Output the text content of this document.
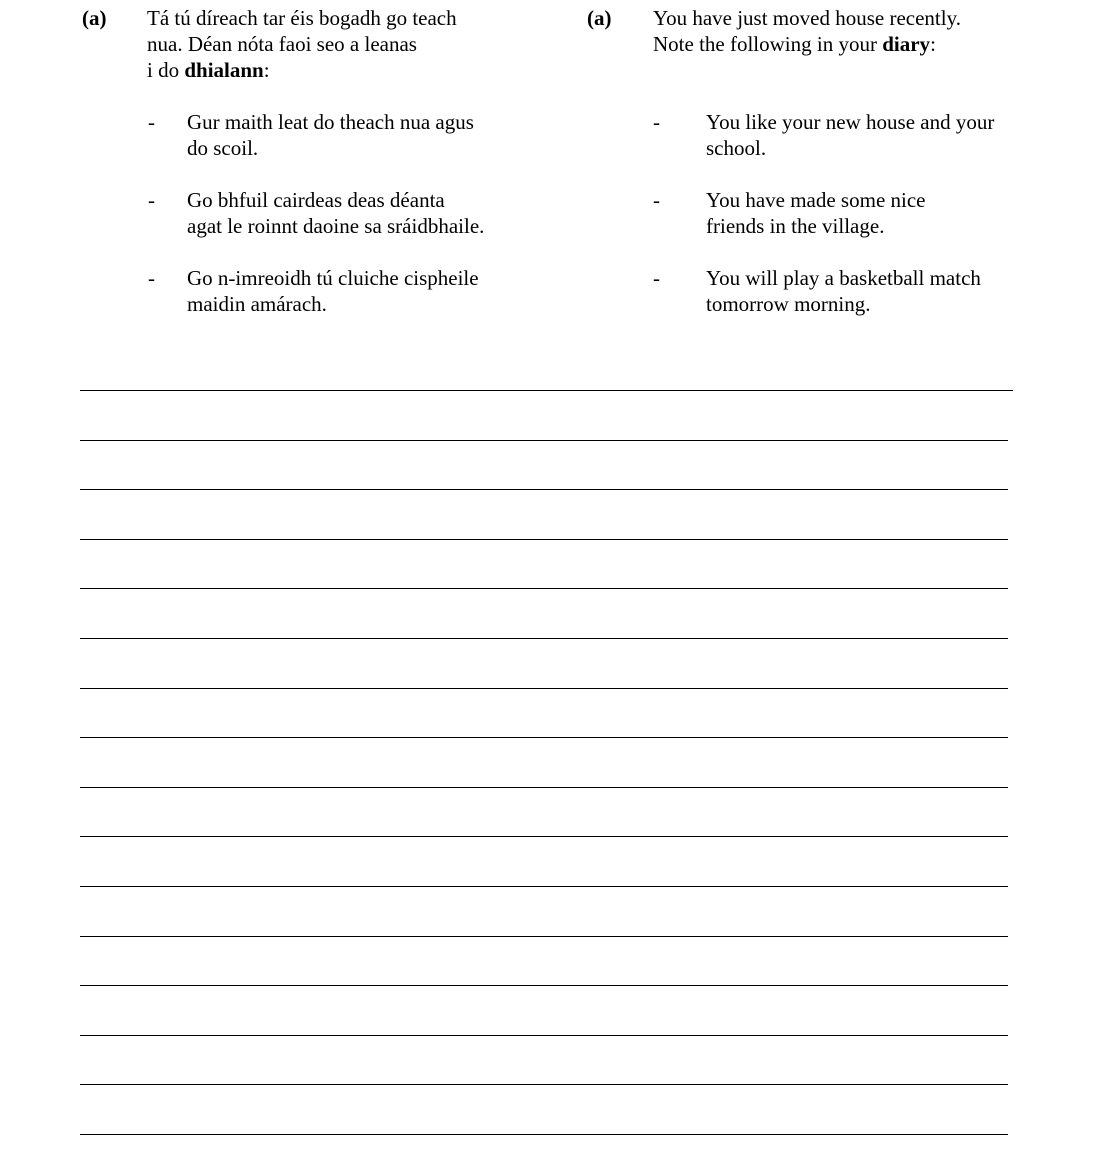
(a) Tá tú díreach tar éis bogadh go teach
nua. Déan nóta faoi seo a leanas
i do dhialann:
- Gur maith leat do theach nua agus
do scoil.
- Go bhfuil cairdeas deas déanta
agat le roinnt daoine sa sráidbhaile.
- Go n-imreoidh tú cluiche cispheile
maidin amárach.
(a) You have just moved house recently.
Note the following in your diary:
- You like your new house and your
school.
- You have made some nice
friends in the village.
- You will play a basketball match
tomorrow morning.
